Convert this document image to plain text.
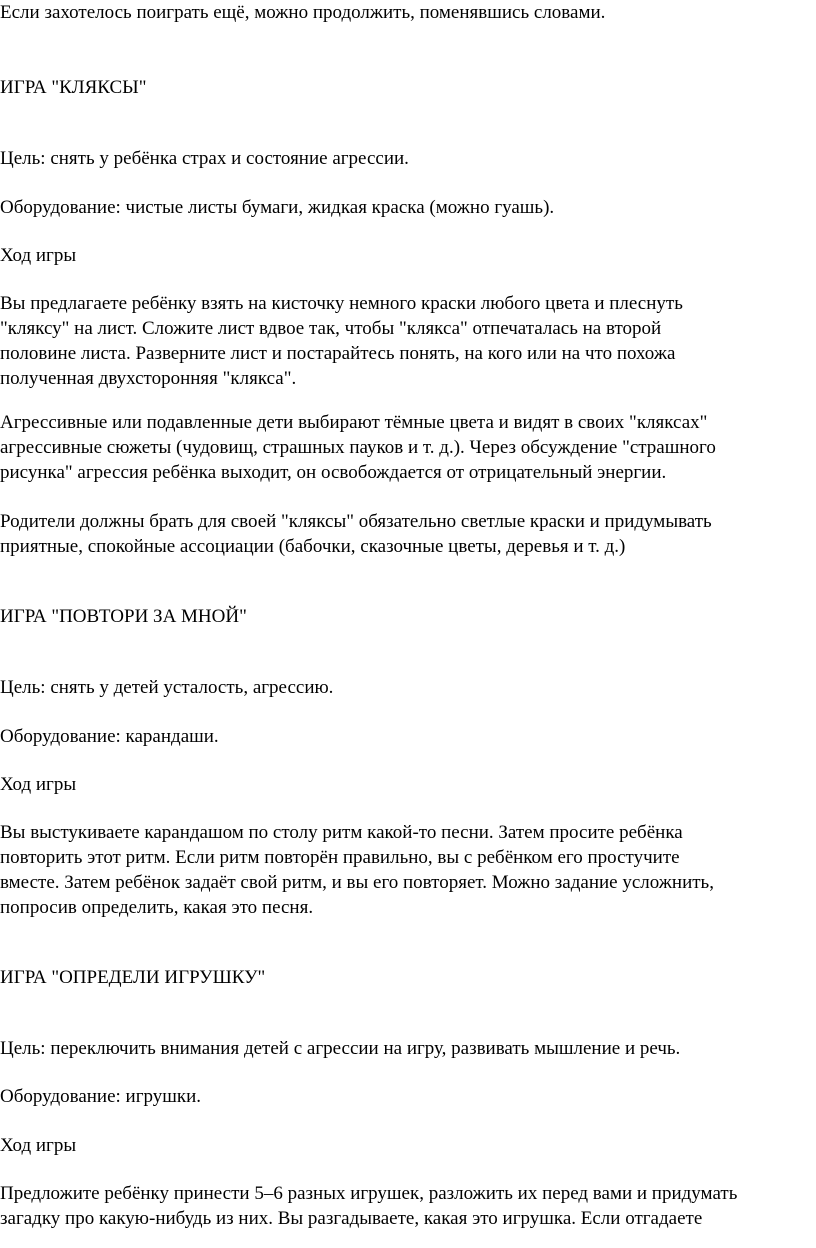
Если захотелось поиграть ещё, можно продолжить, поменявшись словами.

ИГРА "КЛЯКСЫ"

Цель: снять у ребёнка страх и состояние агрессии.

Оборудование: чистые листы бумаги, жидкая краска (можно гуашь).

Ход игры

Вы предлагаете ребёнку взять на кисточку немного краски любого цвета и плеснуть

"кляксу" на лист. Сложите лист вдвое так, чтобы "клякса" отпечаталась на второй

половине листа. Разверните лист и постарайтесь понять, на кого или на что похожа

полученная двухсторонняя "клякса".

Агрессивные или подавленные дети выбирают тёмные цвета и видят в своих "кляксах"

агрессивные сюжеты (чудовищ, страшных пауков и т. д.). Через обсуждение "страшного

рисунка" агрессия ребёнка выходит, он освобождается от отрицательный энергии.

Родители должны брать для своей "кляксы" обязательно светлые краски и придумывать

приятные, спокойные ассоциации (бабочки, сказочные цветы, деревья и т. д.)

ИГРА "ПОВТОРИ ЗА МНОЙ"

Цель: снять у детей усталость, агрессию.

Оборудование: карандаши.

Ход игры

Вы выстукиваете карандашом по столу ритм какой-то песни. Затем просите ребёнка

повторить этот ритм. Если ритм повторён правильно, вы с ребёнком его простучите

вместе. Затем ребёнок задаёт свой ритм, и вы его повторяет. Можно задание усложнить,

попросив определить, какая это песня.

ИГРА "ОПРЕДЕЛИ ИГРУШКУ"

Цель: переключить внимания детей с агрессии на игру, развивать мышление и речь.

Оборудование: игрушки.

Ход игры

Предложите ребёнку принести 5–6 разных игрушек, разложить их перед вами и придумать

загадку про какую-нибудь из них. Вы разгадываете, какая это игрушка. Если отгадаете
